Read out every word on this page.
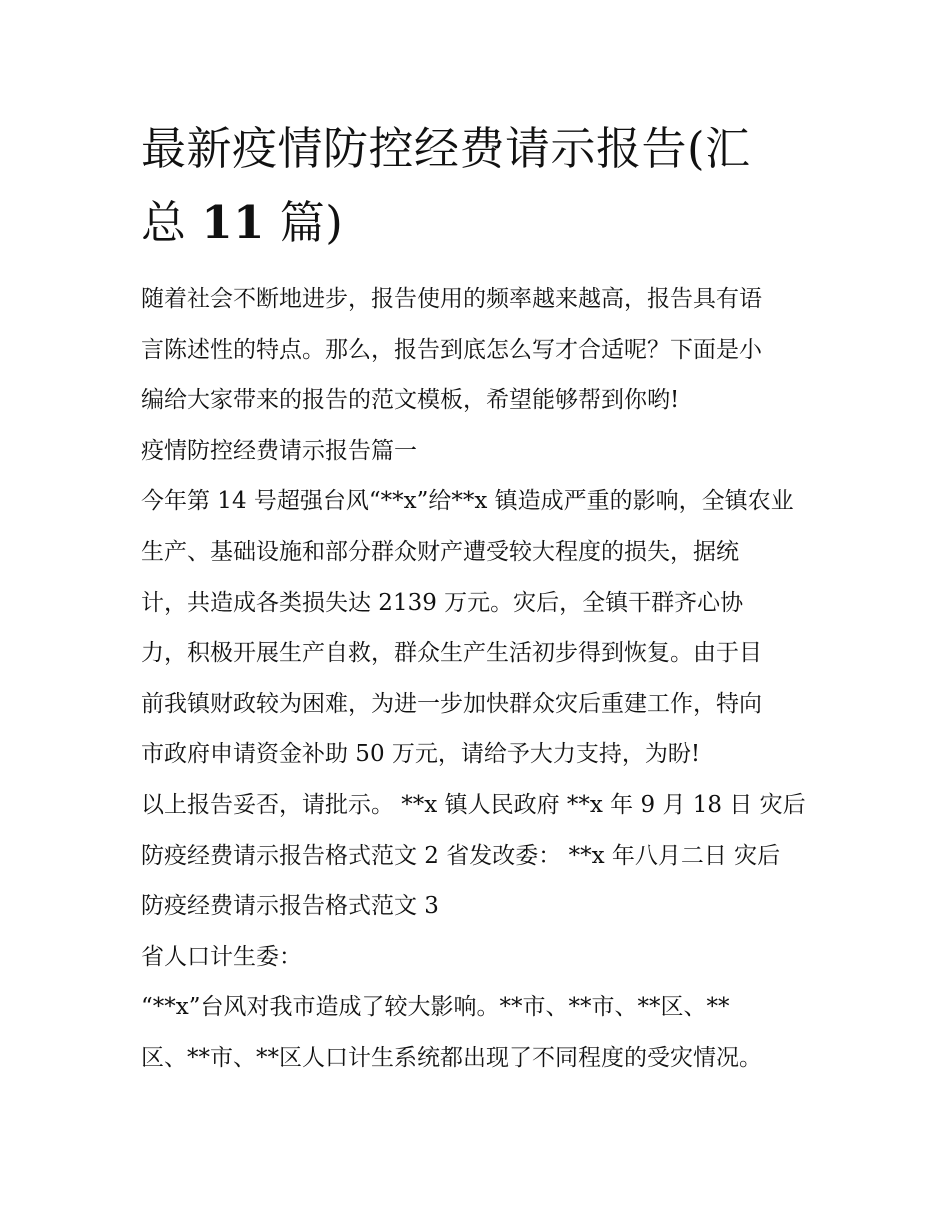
最新疫情防控经费请示报告(汇
总 11 篇)

随着社会不断地进步，报告使用的频率越来越高，报告具有语

言陈述性的特点。那么，报告到底怎么写才合适呢？下面是小

编给大家带来的报告的范文模板，希望能够帮到你哟!

疫情防控经费请示报告篇一

今年第 14 号超强台风“**x”给**x 镇造成严重的影响，全镇农业

生产、基础设施和部分群众财产遭受较大程度的损失，据统

计，共造成各类损失达 2139 万元。灾后，全镇干群齐心协

力，积极开展生产自救，群众生产生活初步得到恢复。由于目

前我镇财政较为困难，为进一步加快群众灾后重建工作，特向

市政府申请资金补助 50 万元，请给予大力支持，为盼!

以上报告妥否，请批示。 **x 镇人民政府 **x 年 9 月 18 日 灾后

防疫经费请示报告格式范文 2 省发改委： **x 年八月二日 灾后

防疫经费请示报告格式范文 3

省人口计生委：

“**x”台风对我市造成了较大影响。**市、**市、**区、**

区、**市、**区人口计生系统都出现了不同程度的受灾情况。
